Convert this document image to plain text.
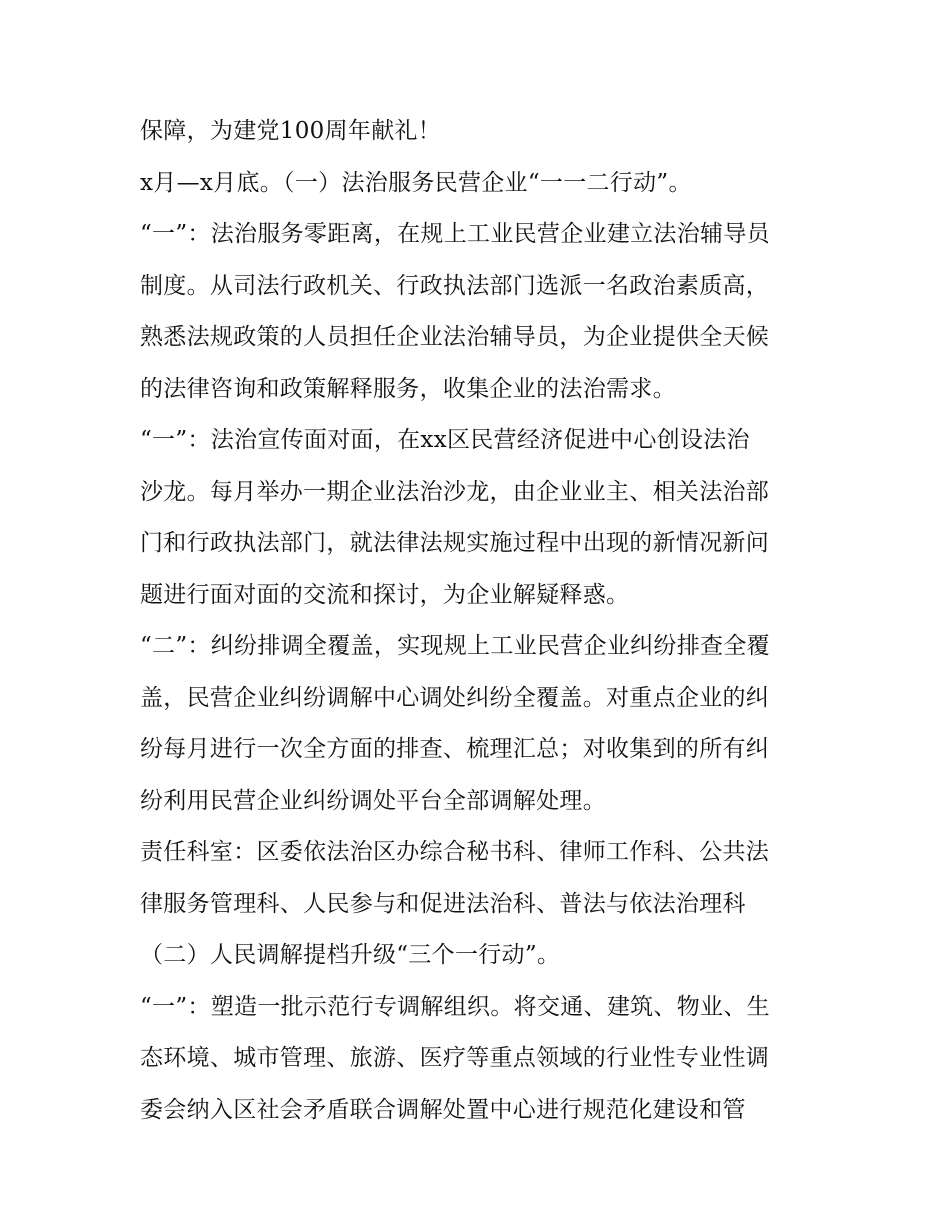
保障，为建党100周年献礼！
x月—x月底。（一）法治服务民营企业“一一二行动”。
“一”：法治服务零距离，在规上工业民营企业建立法治辅导员
制度。从司法行政机关、行政执法部门选派一名政治素质高，
熟悉法规政策的人员担任企业法治辅导员，为企业提供全天候
的法律咨询和政策解释服务，收集企业的法治需求。
“一”：法治宣传面对面，在xx区民营经济促进中心创设法治
沙龙。每月举办一期企业法治沙龙，由企业业主、相关法治部
门和行政执法部门，就法律法规实施过程中出现的新情况新问
题进行面对面的交流和探讨，为企业解疑释惑。
“二”：纠纷排调全覆盖，实现规上工业民营企业纠纷排查全覆
盖，民营企业纠纷调解中心调处纠纷全覆盖。对重点企业的纠
纷每月进行一次全方面的排查、梳理汇总；对收集到的所有纠
纷利用民营企业纠纷调处平台全部调解处理。
责任科室：区委依法治区办综合秘书科、律师工作科、公共法
律服务管理科、人民参与和促进法治科、普法与依法治理科
（二）人民调解提档升级“三个一行动”。
“一”：塑造一批示范行专调解组织。将交通、建筑、物业、生
态环境、城市管理、旅游、医疗等重点领域的行业性专业性调
委会纳入区社会矛盾联合调解处置中心进行规范化建设和管
